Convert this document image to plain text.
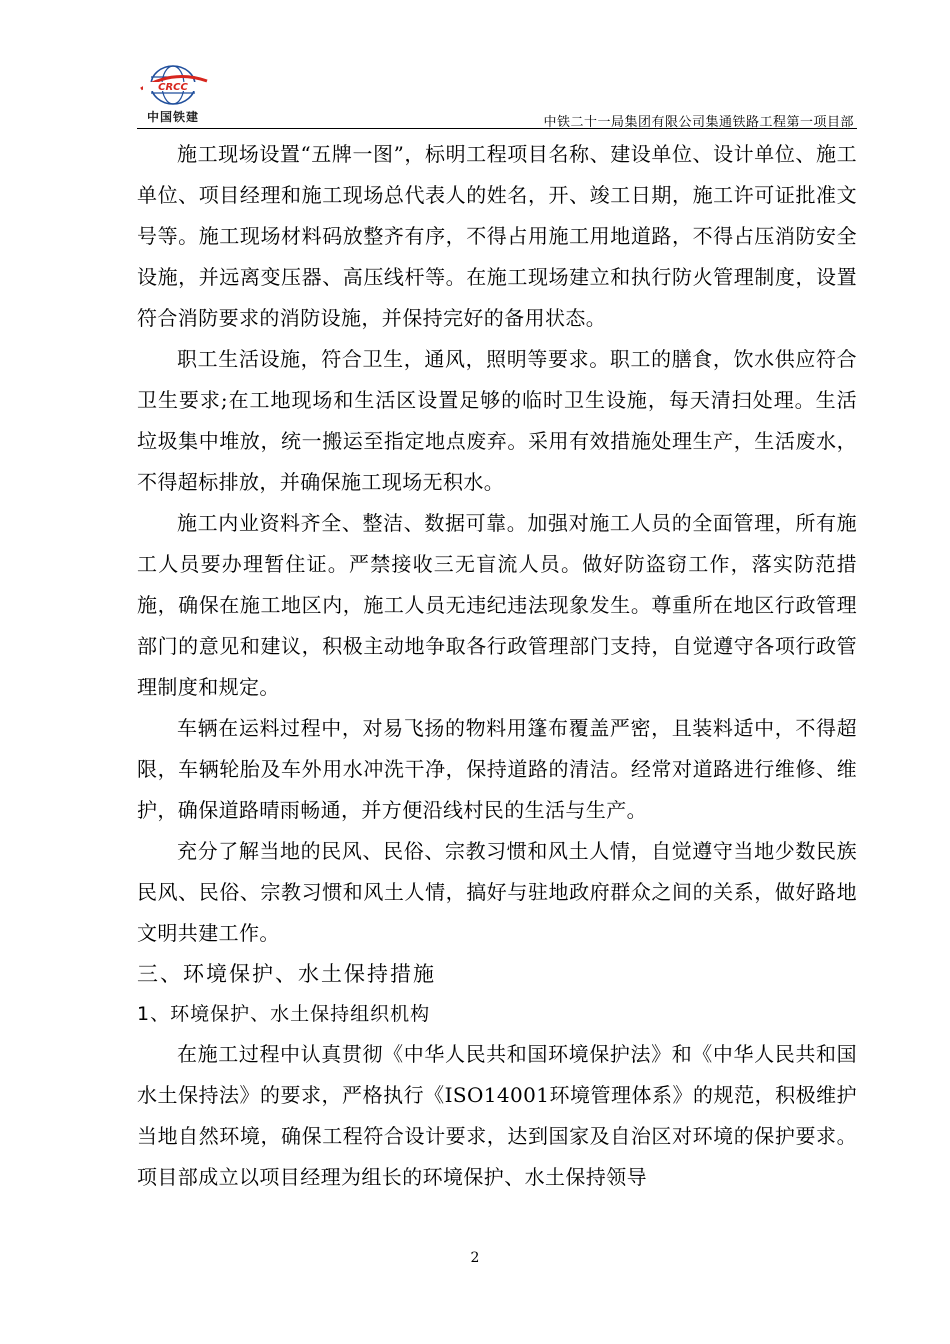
CRCC
中国铁建	中铁二十一局集团有限公司集通铁路工程第一项目部

施工现场设置“五牌一图”，标明工程项目名称、建设单位、设计单位、施工单位、项目经理和施工现场总代表人的姓名，开、竣工日期，施工许可证批准文号等。施工现场材料码放整齐有序，不得占用施工用地道路，不得占压消防安全设施，并远离变压器、高压线杆等。在施工现场建立和执行防火管理制度，设置符合消防要求的消防设施，并保持完好的备用状态。

职工生活设施，符合卫生，通风，照明等要求。职工的膳食，饮水供应符合卫生要求;在工地现场和生活区设置足够的临时卫生设施，每天清扫处理。生活垃圾集中堆放，统一搬运至指定地点废弃。采用有效措施处理生产，生活废水，不得超标排放，并确保施工现场无积水。

施工内业资料齐全、整洁、数据可靠。加强对施工人员的全面管理，所有施工人员要办理暂住证。严禁接收三无盲流人员。做好防盗窃工作，落实防范措施，确保在施工地区内，施工人员无违纪违法现象发生。尊重所在地区行政管理部门的意见和建议，积极主动地争取各行政管理部门支持，自觉遵守各项行政管理制度和规定。

车辆在运料过程中，对易飞扬的物料用篷布覆盖严密，且装料适中，不得超限，车辆轮胎及车外用水冲洗干净，保持道路的清洁。经常对道路进行维修、维护，确保道路晴雨畅通，并方便沿线村民的生活与生产。

充分了解当地的民风、民俗、宗教习惯和风土人情，自觉遵守当地少数民族民风、民俗、宗教习惯和风土人情，搞好与驻地政府群众之间的关系，做好路地文明共建工作。

三、环境保护、水土保持措施
1、环境保护、水土保持组织机构

在施工过程中认真贯彻《中华人民共和国环境保护法》和《中华人民共和国水土保持法》的要求，严格执行《ISO14001环境管理体系》的规范，积极维护当地自然环境，确保工程符合设计要求，达到国家及自治区对环境的保护要求。项目部成立以项目经理为组长的环境保护、水土保持领导

2
